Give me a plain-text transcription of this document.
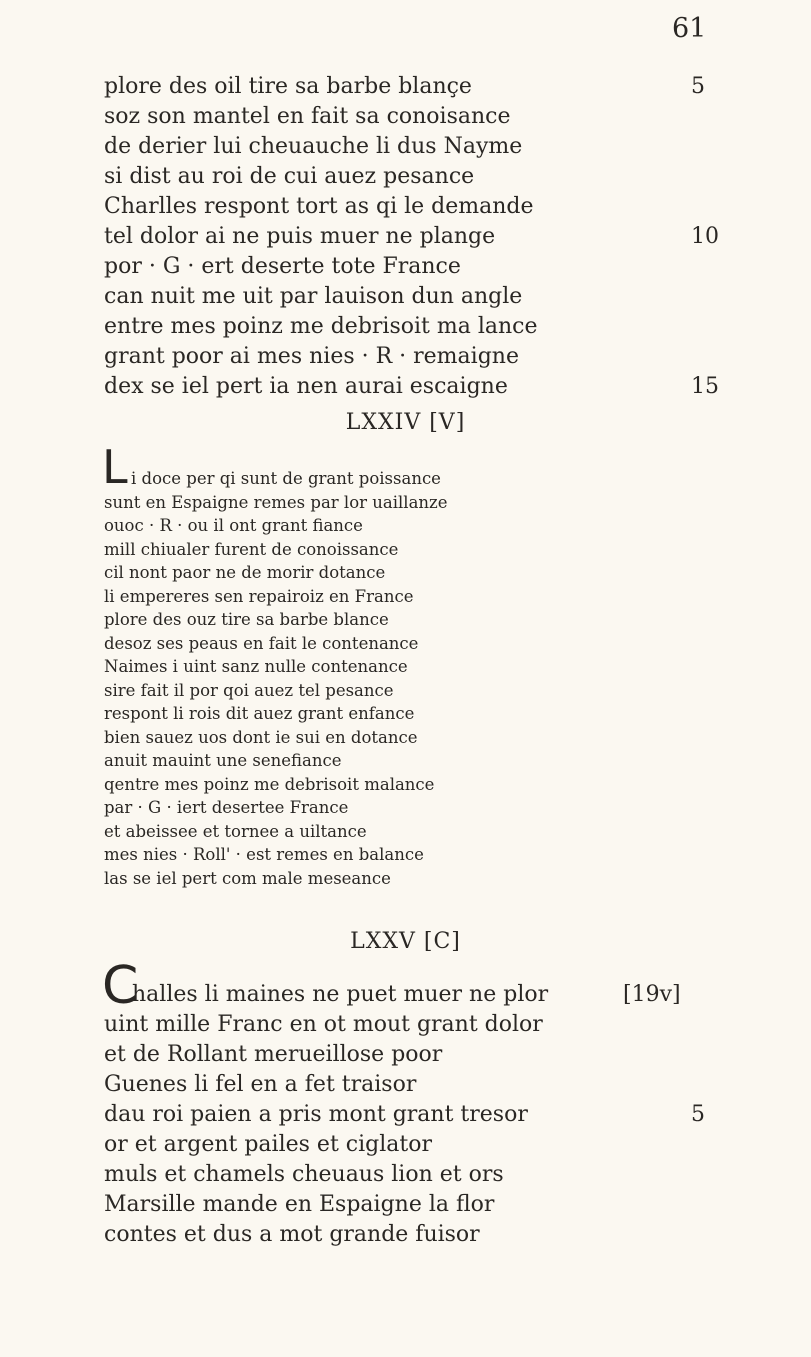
61
plore des oil tire sa barbe blançe	5
soz son mantel en fait sa conoisance
de derier lui cheuauche li dus Nayme
si dist au roi de cui auez pesance
Charlles respont tort as qi le demande
tel dolor ai ne puis muer ne plange	10
por · G · ert deserte tote France
can nuit me uit par lauison dun angle
entre mes poinz me debrisoit ma lance
grant poor ai mes nies · R · remaigne
dex se iel pert ia nen aurai escaigne	15
LXXIV [V]
L i doce per qi sunt de grant poissance
sunt en Espaigne remes par lor uaillanze
ouoc · R · ou il ont grant fiance
mill chiualer furent de conoissance
cil nont paor ne de morir dotance
li empereres sen repairoiz en France
plore des ouz tire sa barbe blance
desoz ses peaus en fait le contenance
Naimes i uint sanz nulle contenance
sire fait il por qoi auez tel pesance
respont li rois dit auez grant enfance
bien sauez uos dont ie sui en dotance
anuit mauint une senefiance
qentre mes poinz me debrisoit malance
par · G · iert desertee France
et abeissee et tornee a uiltance
mes nies · Roll' · est remes en balance
las se iel pert com male meseance
LXXV [C]
C
halles li maines ne puet muer ne plor	[19v]
uint mille Franc en ot mout grant dolor
et de Rollant merueillose poor
Guenes li fel en a fet traisor
dau roi paien a pris mont grant tresor	5
or et argent pailes et ciglator
muls et chamels cheuaus lion et ors
Marsille mande en Espaigne la flor
contes et dus a mot grande fuisor
